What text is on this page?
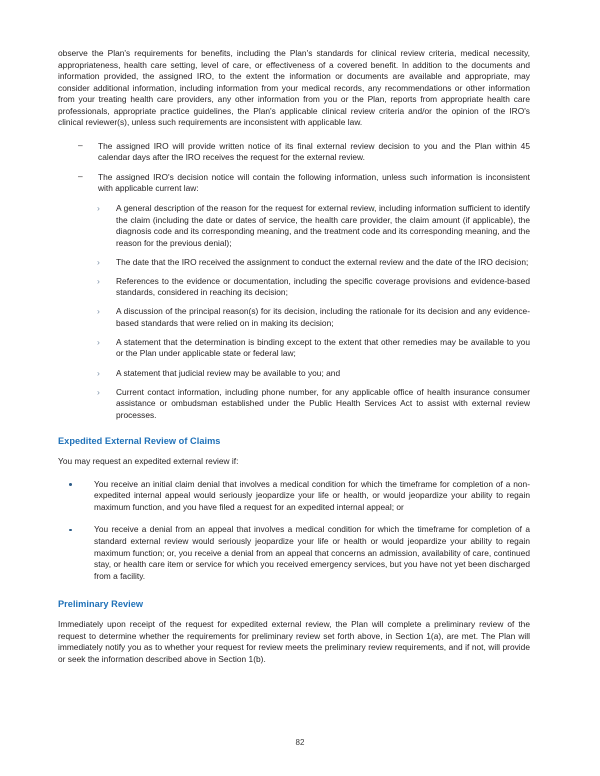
observe the Plan's requirements for benefits, including the Plan's standards for clinical review criteria, medical necessity, appropriateness, health care setting, level of care, or effectiveness of a covered benefit. In addition to the documents and information provided, the assigned IRO, to the extent the information or documents are available and appropriate, may consider additional information, including information from your medical records, any recommendations or other information from your treating health care providers, any other information from you or the Plan, reports from appropriate health care professionals, appropriate practice guidelines, the Plan's applicable clinical review criteria and/or the opinion of the IRO's clinical reviewer(s), unless such requirements are inconsistent with applicable law.

– The assigned IRO will provide written notice of its final external review decision to you and the Plan within 45 calendar days after the IRO receives the request for the external review.
– The assigned IRO's decision notice will contain the following information, unless such information is inconsistent with applicable current law:
› A general description of the reason for the request for external review, including information sufficient to identify the claim (including the date or dates of service, the health care provider, the claim amount (if applicable), the diagnosis code and its corresponding meaning, and the treatment code and its corresponding meaning, and the reason for the previous denial);
› The date that the IRO received the assignment to conduct the external review and the date of the IRO decision;
› References to the evidence or documentation, including the specific coverage provisions and evidence-based standards, considered in reaching its decision;
› A discussion of the principal reason(s) for its decision, including the rationale for its decision and any evidence-based standards that were relied on in making its decision;
› A statement that the determination is binding except to the extent that other remedies may be available to you or the Plan under applicable state or federal law;
› A statement that judicial review may be available to you; and
› Current contact information, including phone number, for any applicable office of health insurance consumer assistance or ombudsman established under the Public Health Services Act to assist with external review processes.
Expedited External Review of Claims

You may request an expedited external review if:

You receive an initial claim denial that involves a medical condition for which the timeframe for completion of a non-expedited internal appeal would seriously jeopardize your life or health, or would jeopardize your ability to regain maximum function, and you have filed a request for an expedited internal appeal; or
You receive a denial from an appeal that involves a medical condition for which the timeframe for completion of a standard external review would seriously jeopardize your life or health or would jeopardize your ability to regain maximum function; or, you receive a denial from an appeal that concerns an admission, availability of care, continued stay, or health care item or service for which you received emergency services, but you have not yet been discharged from a facility.
Preliminary Review

Immediately upon receipt of the request for expedited external review, the Plan will complete a preliminary review of the request to determine whether the requirements for preliminary review set forth above, in Section 1(a), are met. The Plan will immediately notify you as to whether your request for review meets the preliminary review requirements, and if not, will provide or seek the information described above in Section 1(b).

82
